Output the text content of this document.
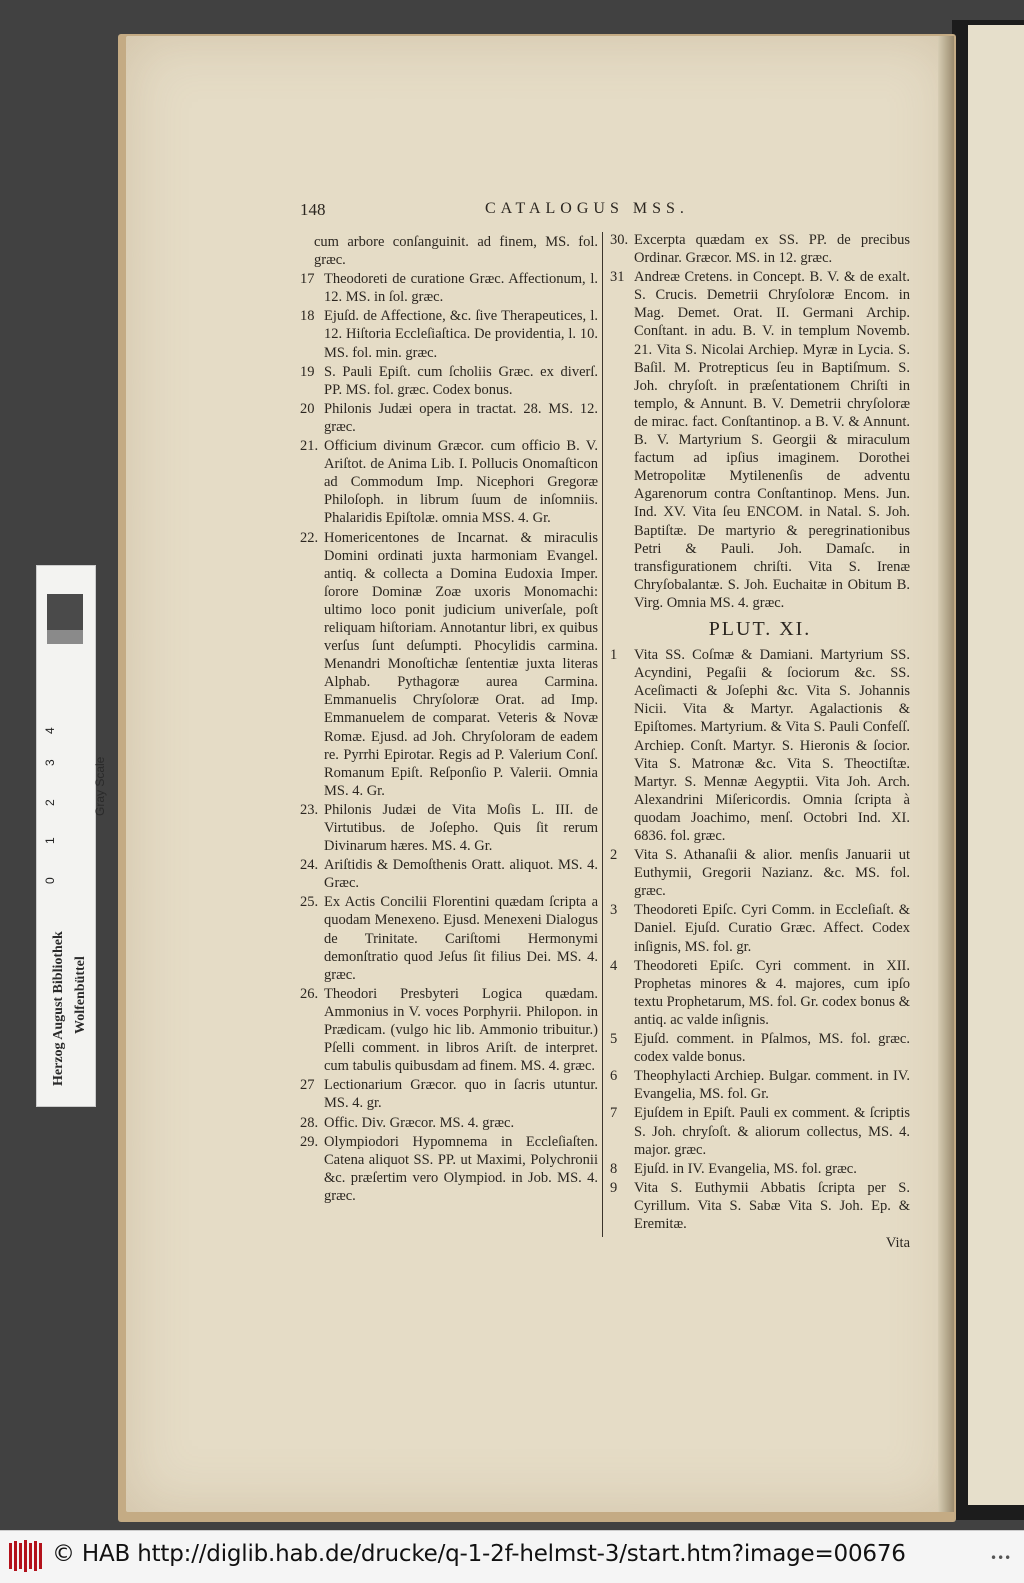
148	CATALOGUS MSS.
cum arbore conſanguinit. ad finem, MS. fol. græc.
17 Theodoreti de curatione Græc. Affectionum, l. 12. MS. in ſol. græc.
18 Ejuſd. de Affectione, &c. ſive Therapeutices, l. 12. Hiſtoria Eccleſiaſtica. De providentia, l. 10. MS. fol. min. græc.
19 S. Pauli Epiſt. cum ſcholiis Græc. ex diverſ. PP. MS. fol. græc. Codex bonus.
20 Philonis Judæi opera in tractat. 28. MS. 12. græc.
21. Officium divinum Græcor. cum officio B. V. Ariſtot. de Anima Lib. I. Pollucis Onomaſticon ad Commodum Imp. Nicephori Gregoræ Philoſoph. in librum ſuum de inſomniis. Phalaridis Epiſtolæ. omnia MSS. 4. Gr.
22. Homericentones de Incarnat. & miraculis Domini ordinati juxta harmoniam Evangel. antiq. & collecta a Domina Eudoxia Imper. ſorore Dominæ Zoæ uxoris Monomachi: ultimo loco ponit judicium univerſale, poſt reliquam hiſtoriam. Annotantur libri, ex quibus verſus ſunt deſumpti. Phocylidis carmina. Menandri Monoſtichæ ſententiæ juxta literas Alphab. Pythagoræ aurea Carmina. Emmanuelis Chryſoloræ Orat. ad Imp. Emmanuelem de comparat. Veteris & Novæ Romæ. Ejusd. ad Joh. Chryſoloram de eadem re. Pyrrhi Epirotar. Regis ad P. Valerium Conſ. Romanum Epiſt. Reſponſio P. Valerii. Omnia MS. 4. Gr.
23. Philonis Judæi de Vita Moſis L. III. de Virtutibus. de Joſepho. Quis ſit rerum Divinarum hæres. MS. 4. Gr.
24. Ariſtidis & Demoſthenis Oratt. aliquot. MS. 4. Græc.
25. Ex Actis Concilii Florentini quædam ſcripta a quodam Menexeno. Ejusd. Menexeni Dialogus de Trinitate. Cariſtomi Hermonymi demonſtratio quod Jeſus ſit filius Dei. MS. 4. græc.
26. Theodori Presbyteri Logica quædam. Ammonius in V. voces Porphyrii. Philopon. in Prædicam. (vulgo hic lib. Ammonio tribuitur.) Pſelli comment. in libros Ariſt. de interpret. cum tabulis quibusdam ad finem. MS. 4. græc.
27 Lectionarium Græcor. quo in ſacris utuntur. MS. 4. gr.
28. Offic. Div. Græcor. MS. 4. græc.
29. Olympiodori Hypomnema in Eccleſiaſten. Catena aliquot SS. PP. ut Maximi, Polychronii &c. præſertim vero Olympiod. in Job. MS. 4. græc.
30. Excerpta quædam ex SS. PP. de precibus Ordinar. Græcor. MS. in 12. græc.
31 Andreæ Cretens. in Concept. B. V. & de exalt. S. Crucis. Demetrii Chryſoloræ Encom. in Mag. Demet. Orat. II. Germani Archip. Conſtant. in adu. B. V. in templum Novemb. 21. Vita S. Nicolai Archiep. Myræ in Lycia. S. Baſil. M. Protrepticus ſeu in Baptiſmum. S. Joh. chryſoſt. in præſentationem Chriſti in templo, & Annunt. B. V. Demetrii chryſoloræ de mirac. fact. Conſtantinop. a B. V. & Annunt. B. V. Martyrium S. Georgii & miraculum factum ad ipſius imaginem. Dorothei Metropolitæ Mytilenenſis de adventu Agarenorum contra Conſtantinop. Mens. Jun. Ind. XV. Vita ſeu ENCOM. in Natal. S. Joh. Baptiſtæ. De martyrio & peregrinationibus Petri & Pauli. Joh. Damaſc. in transfigurationem chriſti. Vita S. Irenæ Chryſobalantæ. S. Joh. Euchaitæ in Obitum B. Virg. Omnia MS. 4. græc.
PLUT. XI.
1	Vita SS. Coſmæ & Damiani. Martyrium SS. Acyndini, Pegaſii & ſociorum &c. SS. Aceſimacti & Joſephi &c. Vita S. Johannis Nicii. Vita & Martyr. Agalactionis & Epiſtomes. Martyrium. & Vita S. Pauli Confeſſ. Archiep. Conſt. Martyr. S. Hieronis & ſocior. Vita S. Matronæ &c. Vita S. Theoctiſtæ. Martyr. S. Mennæ Aegyptii. Vita Joh. Arch. Alexandrini Miſericordis. Omnia ſcripta à quodam Joachimo, menſ. Octobri Ind. XI. 6836. fol. græc.
2	Vita S. Athanaſii & alior. menſis Januarii ut Euthymii, Gregorii Nazianz. &c. MS. fol. græc.
3	Theodoreti Epiſc. Cyri Comm. in Eccleſiaſt. & Daniel. Ejuſd. Curatio Græc. Affect. Codex inſignis, MS. fol. gr.
4	Theodoreti Epiſc. Cyri comment. in XII. Prophetas minores & 4. majores, cum ipſo textu Prophetarum, MS. fol. Gr. codex bonus & antiq. ac valde inſignis.
5	Ejuſd. comment. in Pſalmos, MS. fol. græc. codex valde bonus.
6	Theophylacti Archiep. Bulgar. comment. in IV. Evangelia, MS. fol. Gr.
7	Ejuſdem in Epiſt. Pauli ex comment. & ſcriptis S. Joh. chryſoſt. & aliorum collectus, MS. 4. major. græc.
8	Ejuſd. in IV. Evangelia, MS. fol. græc.
9	Vita S. Euthymii Abbatis ſcripta per S. Cyrillum. Vita S. Sabæ Vita S. Joh. Ep. & Eremitæ.
Vita
Gray Scale
4
3
2
1
0
Herzog August Bibliothek Wolfenbüttel
© HAB http://diglib.hab.de/drucke/q-1-2f-helmst-3/start.htm?image=00676	•••
